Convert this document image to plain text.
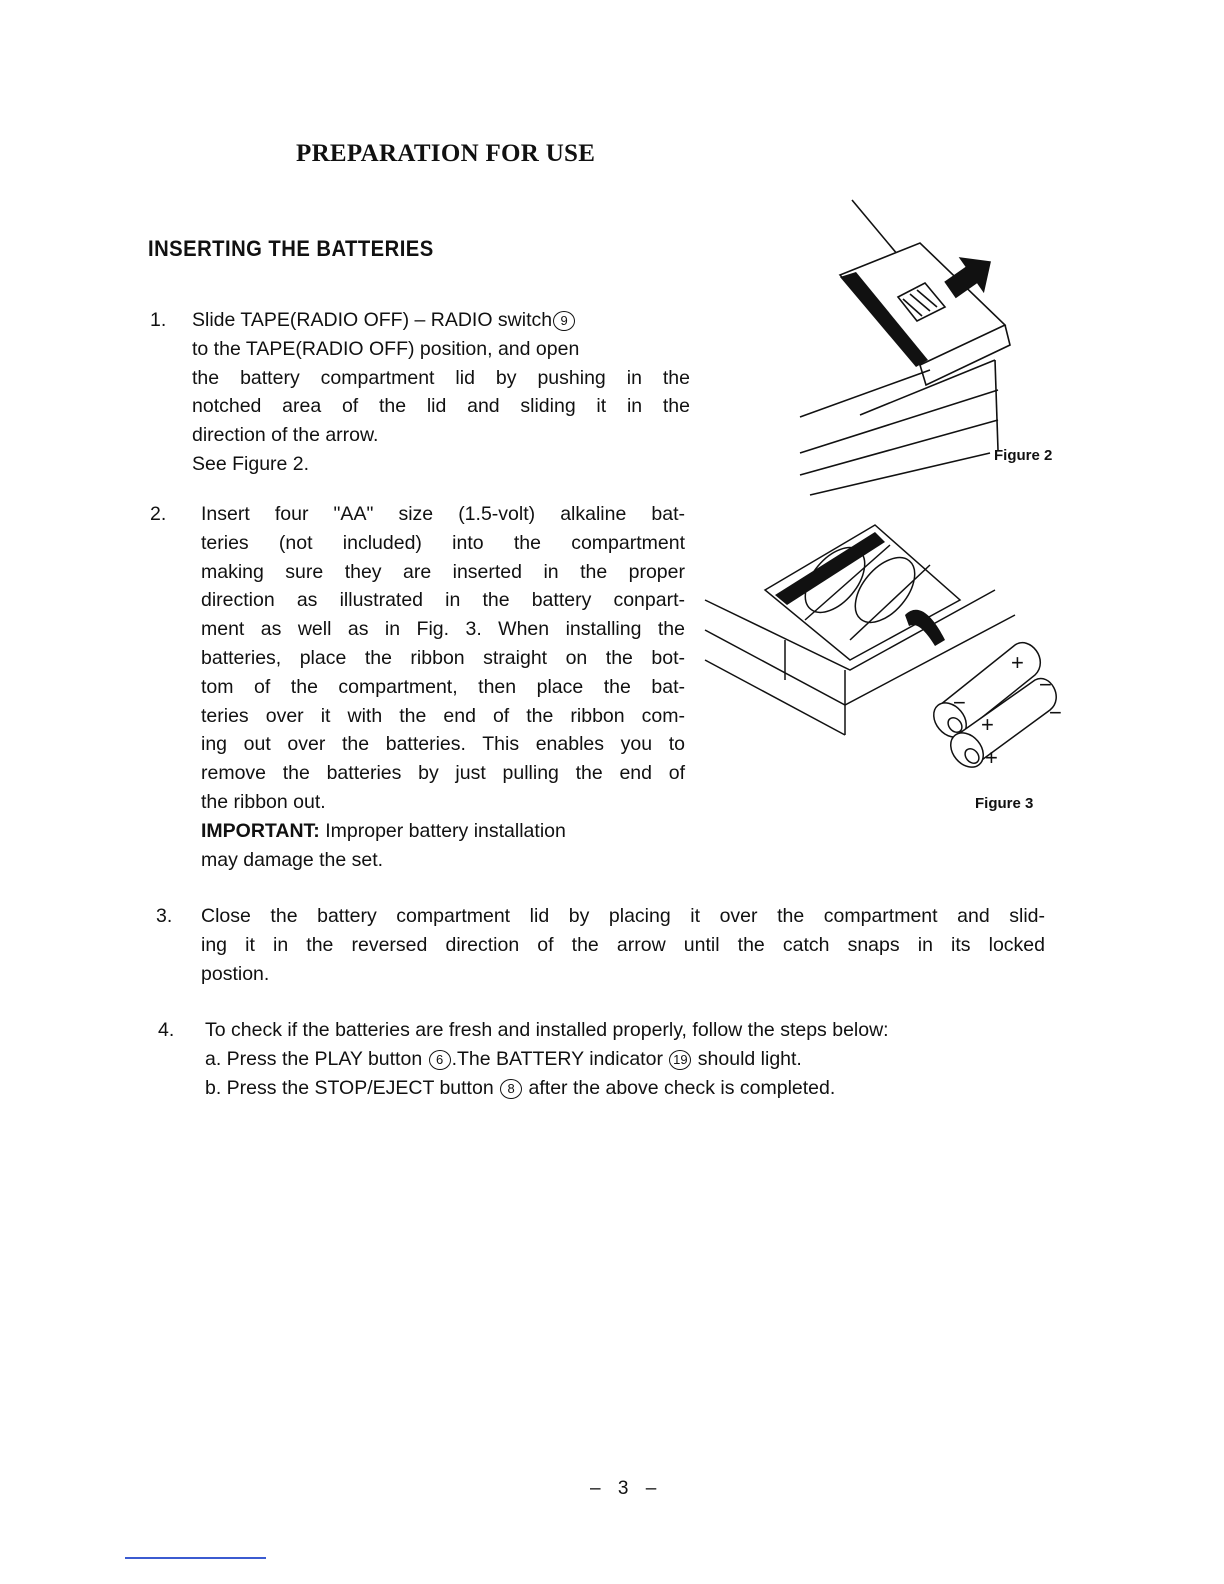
PREPARATION FOR USE
INSERTING THE BATTERIES
1. Slide TAPE(RADIO OFF) – RADIO switch 9
to the TAPE(RADIO OFF) position, and open
the battery compartment lid by pushing in the
notched area of the lid and sliding it in the
direction of the arrow.
See Figure 2.
2. Insert four "AA" size (1.5-volt) alkaline bat-
teries (not included) into the compartment
making sure they are inserted in the proper
direction as illustrated in the battery conpart-
ment as well as in Fig. 3. When installing the
batteries, place the ribbon straight on the bot-
tom of the compartment, then place the bat-
teries over it with the end of the ribbon com-
ing out over the batteries. This enables you to
remove the batteries by just pulling the end of
the ribbon out.
IMPORTANT: Improper battery installation
may damage the set.
3. Close the battery compartment lid by placing it over the compartment and slid-
ing it in the reversed direction of the arrow until the catch snaps in its locked
postion.
4. To check if the batteries are fresh and installed properly, follow the steps below:
a. Press the PLAY button 6 .The BATTERY indicator 19 should light.
b. Press the STOP/EJECT button 8 after the above check is completed.
Figure 2
+
−
−
+	−
+
Figure 3
– 3 –
